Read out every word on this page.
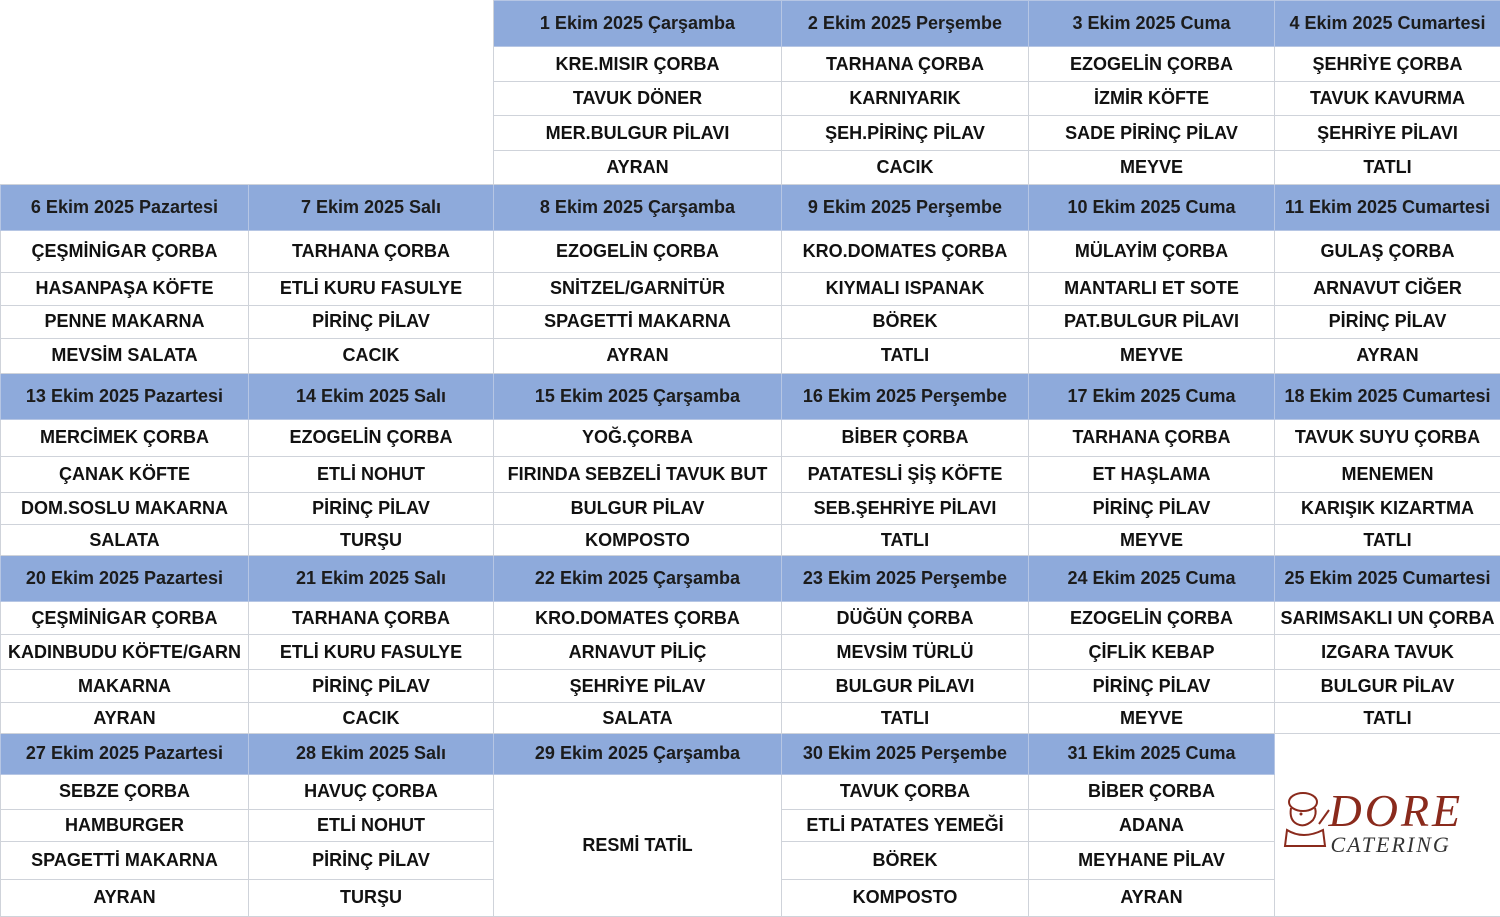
		1 Ekim 2025 Çarşamba	2 Ekim 2025 Perşembe	3 Ekim 2025 Cuma	4 Ekim 2025 Cumartesi
		KRE.MISIR ÇORBA	TARHANA ÇORBA	EZOGELİN ÇORBA	ŞEHRİYE ÇORBA
		TAVUK DÖNER	KARNIYARIK	İZMİR KÖFTE	TAVUK KAVURMA
		MER.BULGUR PİLAVI	ŞEH.PİRİNÇ PİLAV	SADE PİRİNÇ PİLAV	ŞEHRİYE PİLAVI
		AYRAN	CACIK	MEYVE	TATLI
6 Ekim 2025 Pazartesi	7 Ekim 2025 Salı	8 Ekim 2025 Çarşamba	9 Ekim 2025 Perşembe	10 Ekim 2025 Cuma	11 Ekim 2025 Cumartesi
ÇEŞMİNİGAR ÇORBA	TARHANA ÇORBA	EZOGELİN ÇORBA	KRO.DOMATES ÇORBA	MÜLAYİM ÇORBA	GULAŞ ÇORBA
HASANPAŞA KÖFTE	ETLİ KURU FASULYE	SNİTZEL/GARNİTÜR	KIYMALI ISPANAK	MANTARLI ET SOTE	ARNAVUT CİĞER
PENNE MAKARNA	PİRİNÇ PİLAV	SPAGETTİ MAKARNA	BÖREK	PAT.BULGUR PİLAVI	PİRİNÇ PİLAV
MEVSİM SALATA	CACIK	AYRAN	TATLI	MEYVE	AYRAN
13 Ekim 2025 Pazartesi	14 Ekim 2025 Salı	15 Ekim 2025 Çarşamba	16 Ekim 2025 Perşembe	17 Ekim 2025 Cuma	18 Ekim 2025 Cumartesi
MERCİMEK ÇORBA	EZOGELİN ÇORBA	YOĞ.ÇORBA	BİBER ÇORBA	TARHANA ÇORBA	TAVUK SUYU ÇORBA
ÇANAK KÖFTE	ETLİ NOHUT	FIRINDA SEBZELİ TAVUK BUT	PATATESLİ ŞİŞ KÖFTE	ET HAŞLAMA	MENEMEN
DOM.SOSLU MAKARNA	PİRİNÇ PİLAV	BULGUR PİLAV	SEB.ŞEHRİYE PİLAVI	PİRİNÇ PİLAV	KARIŞIK KIZARTMA
SALATA	TURŞU	KOMPOSTO	TATLI	MEYVE	TATLI
20 Ekim 2025 Pazartesi	21 Ekim 2025 Salı	22 Ekim 2025 Çarşamba	23 Ekim 2025 Perşembe	24 Ekim 2025 Cuma	25 Ekim 2025 Cumartesi
ÇEŞMİNİGAR ÇORBA	TARHANA ÇORBA	KRO.DOMATES ÇORBA	DÜĞÜN ÇORBA	EZOGELİN ÇORBA	SARIMSAKLI UN ÇORBA
KADINBUDU KÖFTE/GARN	ETLİ KURU FASULYE	ARNAVUT PİLİÇ	MEVSİM TÜRLÜ	ÇİFLİK KEBAP	IZGARA TAVUK
MAKARNA	PİRİNÇ PİLAV	ŞEHRİYE PİLAV	BULGUR PİLAVI	PİRİNÇ PİLAV	BULGUR PİLAV
AYRAN	CACIK	SALATA	TATLI	MEYVE	TATLI
27 Ekim 2025 Pazartesi	28 Ekim 2025 Salı	29 Ekim 2025 Çarşamba	30 Ekim 2025 Perşembe	31 Ekim 2025 Cuma	DORE
CATERING

SEBZE ÇORBA	HAVUÇ ÇORBA	RESMİ TATİL	TAVUK ÇORBA	BİBER ÇORBA	
HAMBURGER	ETLİ NOHUT		ETLİ PATATES YEMEĞİ	ADANA	
SPAGETTİ MAKARNA	PİRİNÇ PİLAV		BÖREK	MEYHANE PİLAV	
AYRAN	TURŞU		KOMPOSTO	AYRAN	
